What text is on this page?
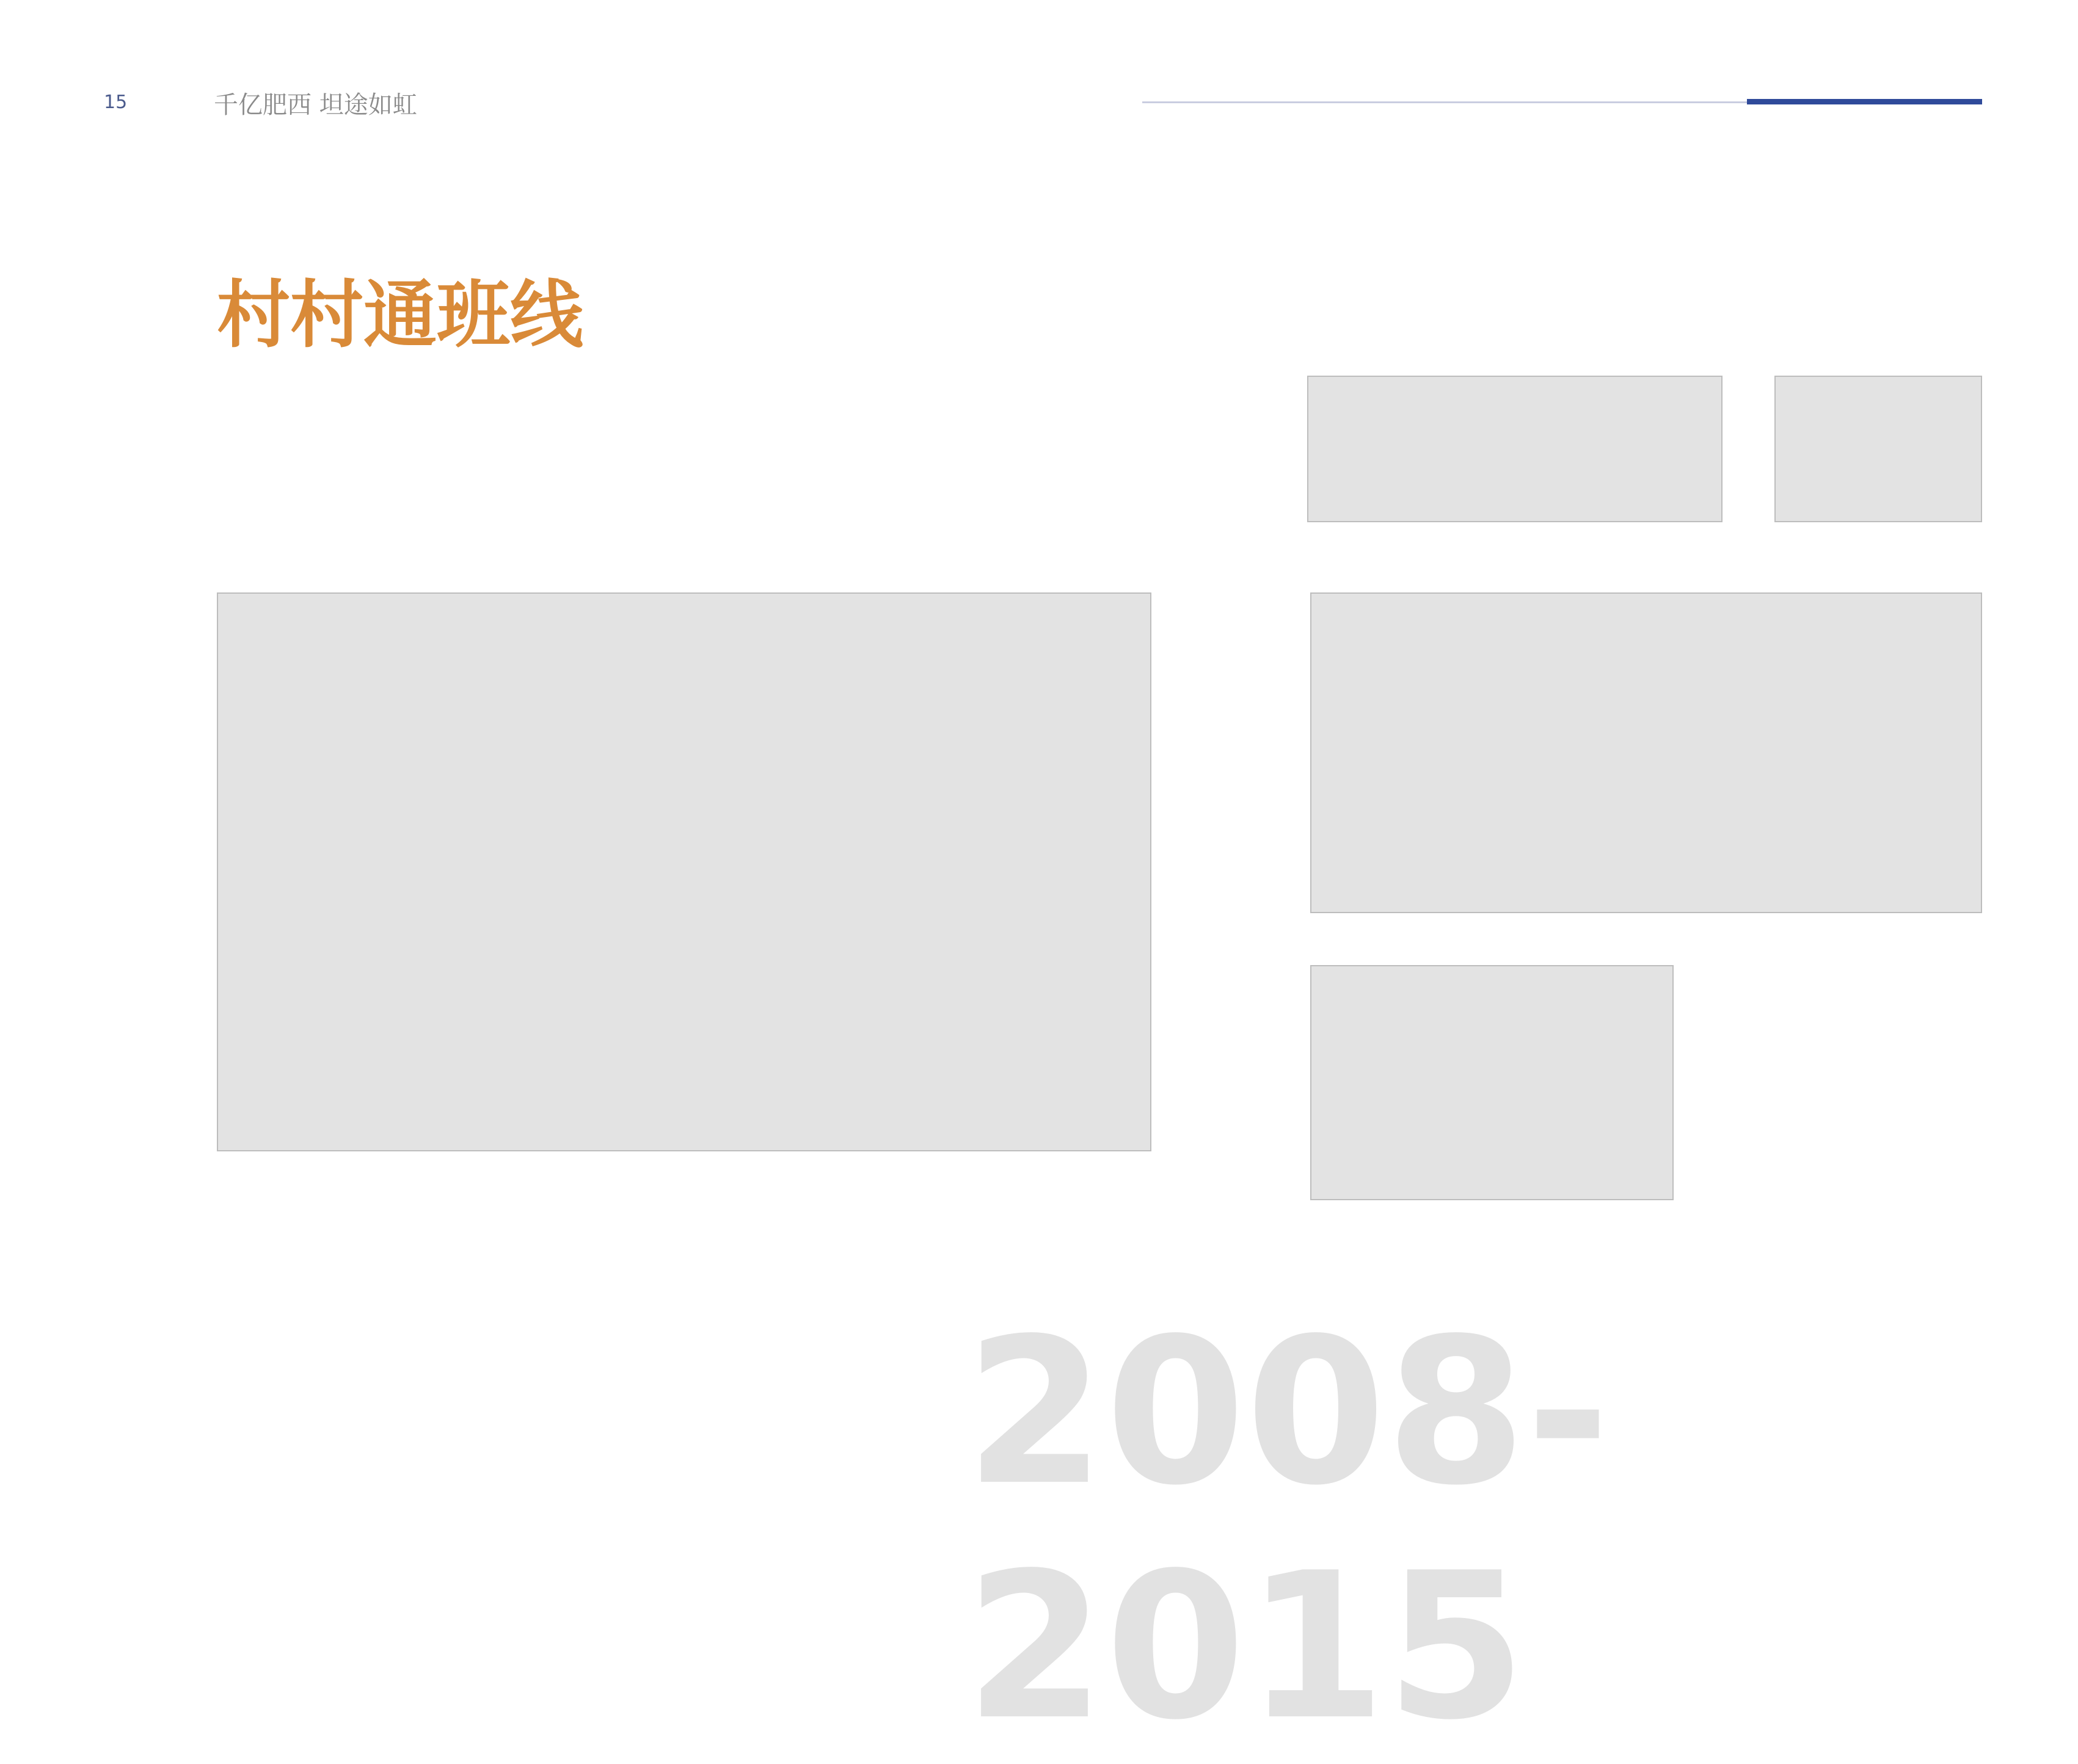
15	千亿肥西 坦途如虹
村村通班线
2008-2015
